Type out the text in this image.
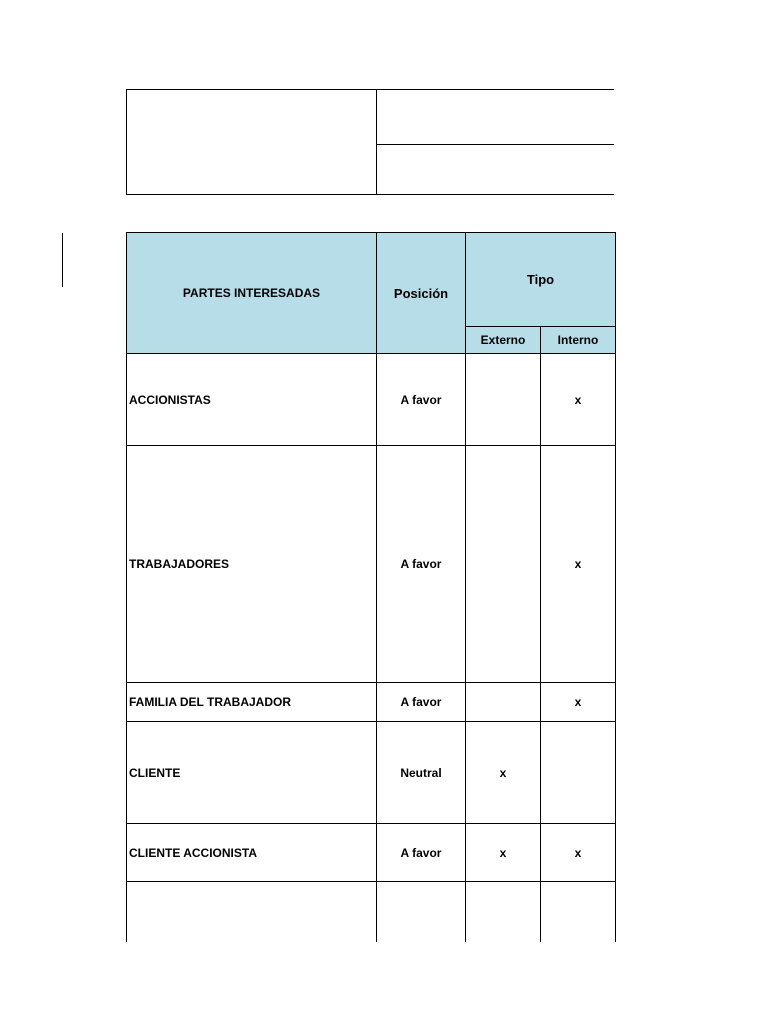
PARTES INTERESADAS	Posición	Tipo	
		Externo	Interno
ACCIONISTAS	A favor		x
TRABAJADORES	A favor		x
FAMILIA DEL TRABAJADOR	A favor		x
CLIENTE	Neutral	x	
CLIENTE ACCIONISTA	A favor	x	x
